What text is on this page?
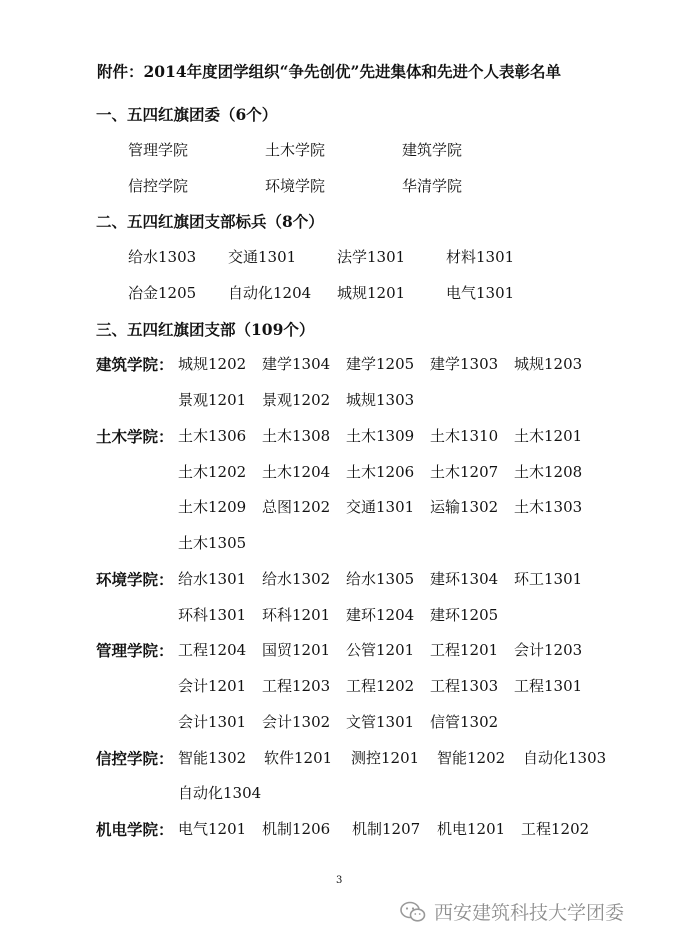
附件：2014年度团学组织“争先创优”先进集体和先进个人表彰名单
一、五四红旗团委（6个）
管理学院	土木学院	建筑学院
信控学院	环境学院	华清学院
二、五四红旗团支部标兵（8个）
给水1303 交通1301	法学1301	材料1301
冶金1205 自动化1204 城规1201	电气1301
三、五四红旗团支部（109个）
建筑学院： 城规1202 建学1304 建学1205 建学1303 城规1203
景观1201 景观1202 城规1303
土木学院： 土木1306 土木1308 土木1309 土木1310 土木1201
土木1202 土木1204 土木1206 土木1207 土木1208
土木1209 总图1202 交通1301 运输1302 土木1303
土木1305
环境学院： 给水1301 给水1302 给水1305 建环1304 环工1301
环科1301 环科1201 建环1204 建环1205
管理学院： 工程1204 国贸1201 公管1201 工程1201 会计1203
会计1201 工程1203 工程1202 工程1303 工程1301
会计1301 会计1302 文管1301 信管1302
信控学院： 智能1302 软件1201 测控1201 智能1202 自动化1303
自动化1304
机电学院： 电气1201 机制1206 机制1207 机电1201 工程1202
3
西安建筑科技大学团委
